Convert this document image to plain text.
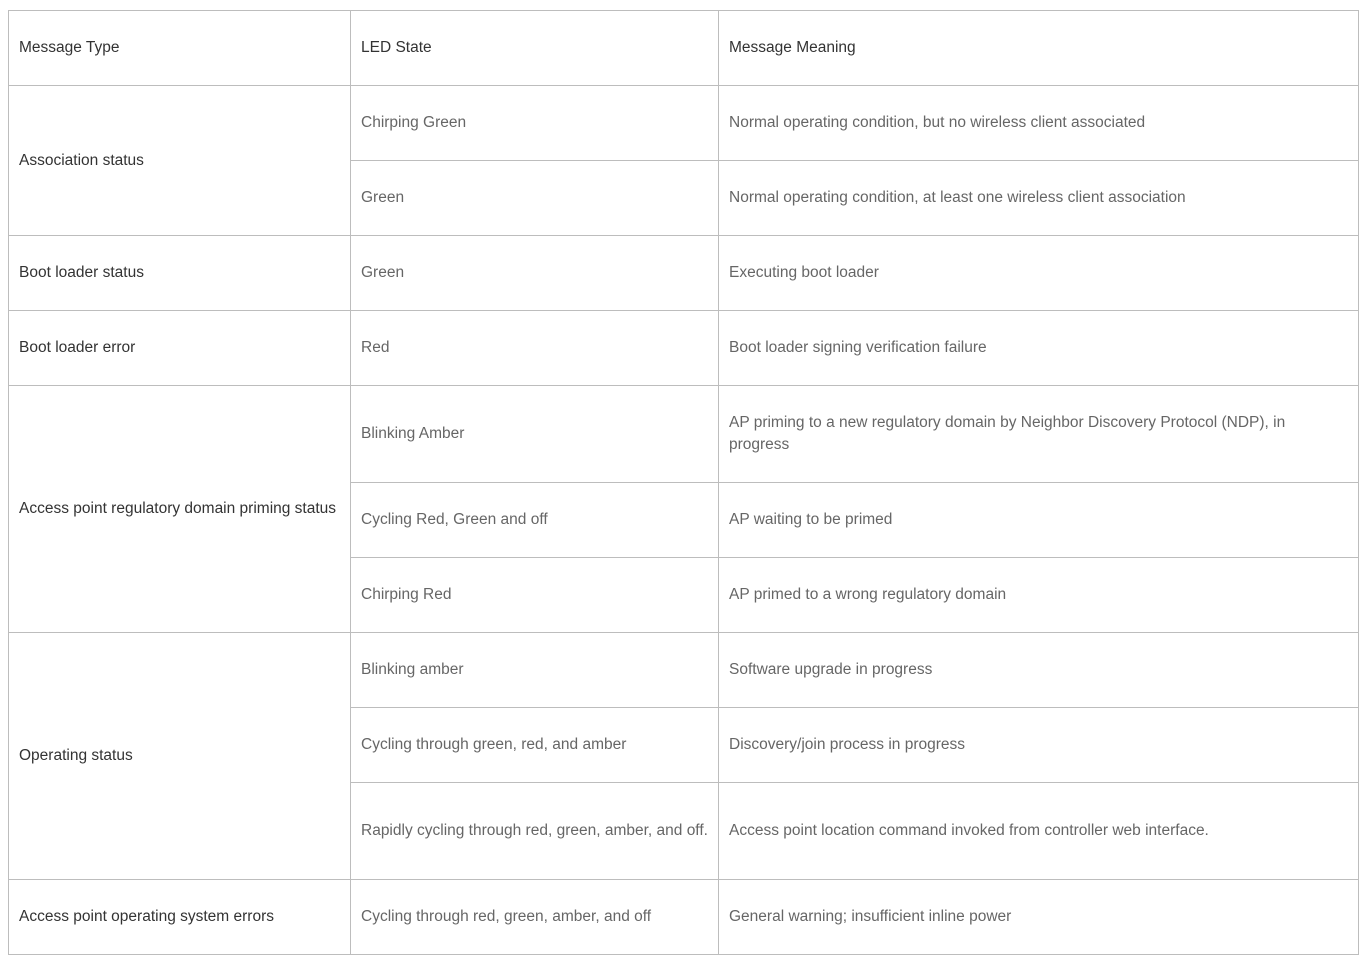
Message Type	LED State	Message Meaning
Association status	Chirping Green	Normal operating condition, but no wireless client associated
	Green	Normal operating condition, at least one wireless client association
Boot loader status	Green	Executing boot loader
Boot loader error	Red	Boot loader signing verification failure
Access point regulatory domain priming status	Blinking Amber	AP priming to a new regulatory domain by Neighbor Discovery Protocol (NDP), in progress
	Cycling Red, Green and off	AP waiting to be primed
	Chirping Red	AP primed to a wrong regulatory domain
Operating status	Blinking amber	Software upgrade in progress
	Cycling through green, red, and amber	Discovery/join process in progress
	Rapidly cycling through red, green, amber, and off.	Access point location command invoked from controller web interface.
Access point operating system errors	Cycling through red, green, amber, and off	General warning; insufficient inline power
